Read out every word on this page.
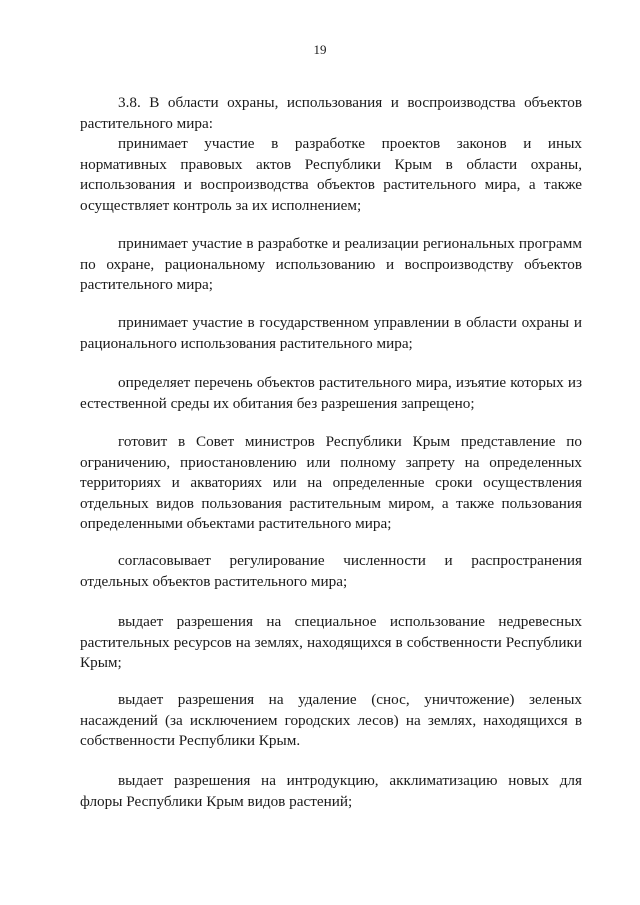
19

3.8. В области охраны, использования и воспроизводства объектов растительного мира:

принимает участие в разработке проектов законов и иных нормативных правовых актов Республики Крым в области охраны, использования и воспроизводства объектов растительного мира, а также осуществляет контроль за их исполнением;

принимает участие в разработке и реализации региональных программ по охране, рациональному использованию и воспроизводству объектов растительного мира;

принимает участие в государственном управлении в области охраны и рационального использования растительного мира;

определяет перечень объектов растительного мира, изъятие которых из естественной среды их обитания без разрешения запрещено;

готовит в Совет министров Республики Крым представление по ограничению, приостановлению или полному запрету на определенных территориях и акваториях или на определенные сроки осуществления отдельных видов пользования растительным миром, а также пользования определенными объектами растительного мира;

согласовывает регулирование численности и распространения отдельных объектов растительного мира;

выдает разрешения на специальное использование недревесных растительных ресурсов на землях, находящихся в собственности Республики Крым;

выдает разрешения на удаление (снос, уничтожение) зеленых насаждений (за исключением городских лесов) на землях, находящихся в собственности Республики Крым.

выдает разрешения на интродукцию, акклиматизацию новых для флоры Республики Крым видов растений;
